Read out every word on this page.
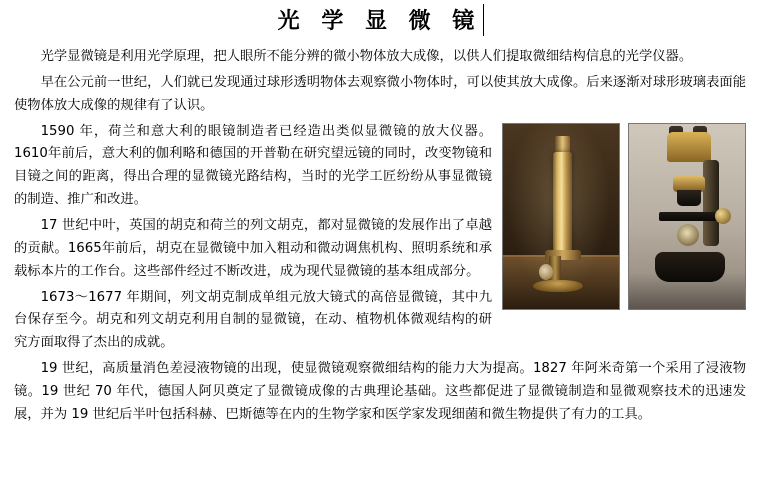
光 学 显 微 镜

光学显微镜是利用光学原理，把人眼所不能分辨的微小物体放大成像，以供人们提取微细结构信息的光学仪器。

早在公元前一世纪，人们就已发现通过球形透明物体去观察微小物体时，可以使其放大成像。后来逐渐对球形玻璃表面能使物体放大成像的规律有了认识。

1590 年，荷兰和意大利的眼镜制造者已经造出类似显微镜的放大仪器。1610年前后，意大利的伽利略和德国的开普勒在研究望远镜的同时，改变物镜和目镜之间的距离，得出合理的显微镜光路结构，当时的光学工匠纷纷从事显微镜的制造、推广和改进。

17 世纪中叶，英国的胡克和荷兰的列文胡克，都对显微镜的发展作出了卓越的贡献。1665年前后，胡克在显微镜中加入粗动和微动调焦机构、照明系统和承载标本片的工作台。这些部件经过不断改进，成为现代显微镜的基本组成部分。

1673～1677 年期间，列文胡克制成单组元放大镜式的高倍显微镜，其中九台保存至今。胡克和列文胡克利用自制的显微镜，在动、植物机体微观结构的研究方面取得了杰出的成就。

19 世纪，高质量消色差浸液物镜的出现，使显微镜观察微细结构的能力大为提高。1827 年阿米奇第一个采用了浸液物镜。19 世纪 70 年代，德国人阿贝奠定了显微镜成像的古典理论基础。这些都促进了显微镜制造和显微观察技术的迅速发展，并为 19 世纪后半叶包括科赫、巴斯德等在内的生物学家和医学家发现细菌和微生物提供了有力的工具。
